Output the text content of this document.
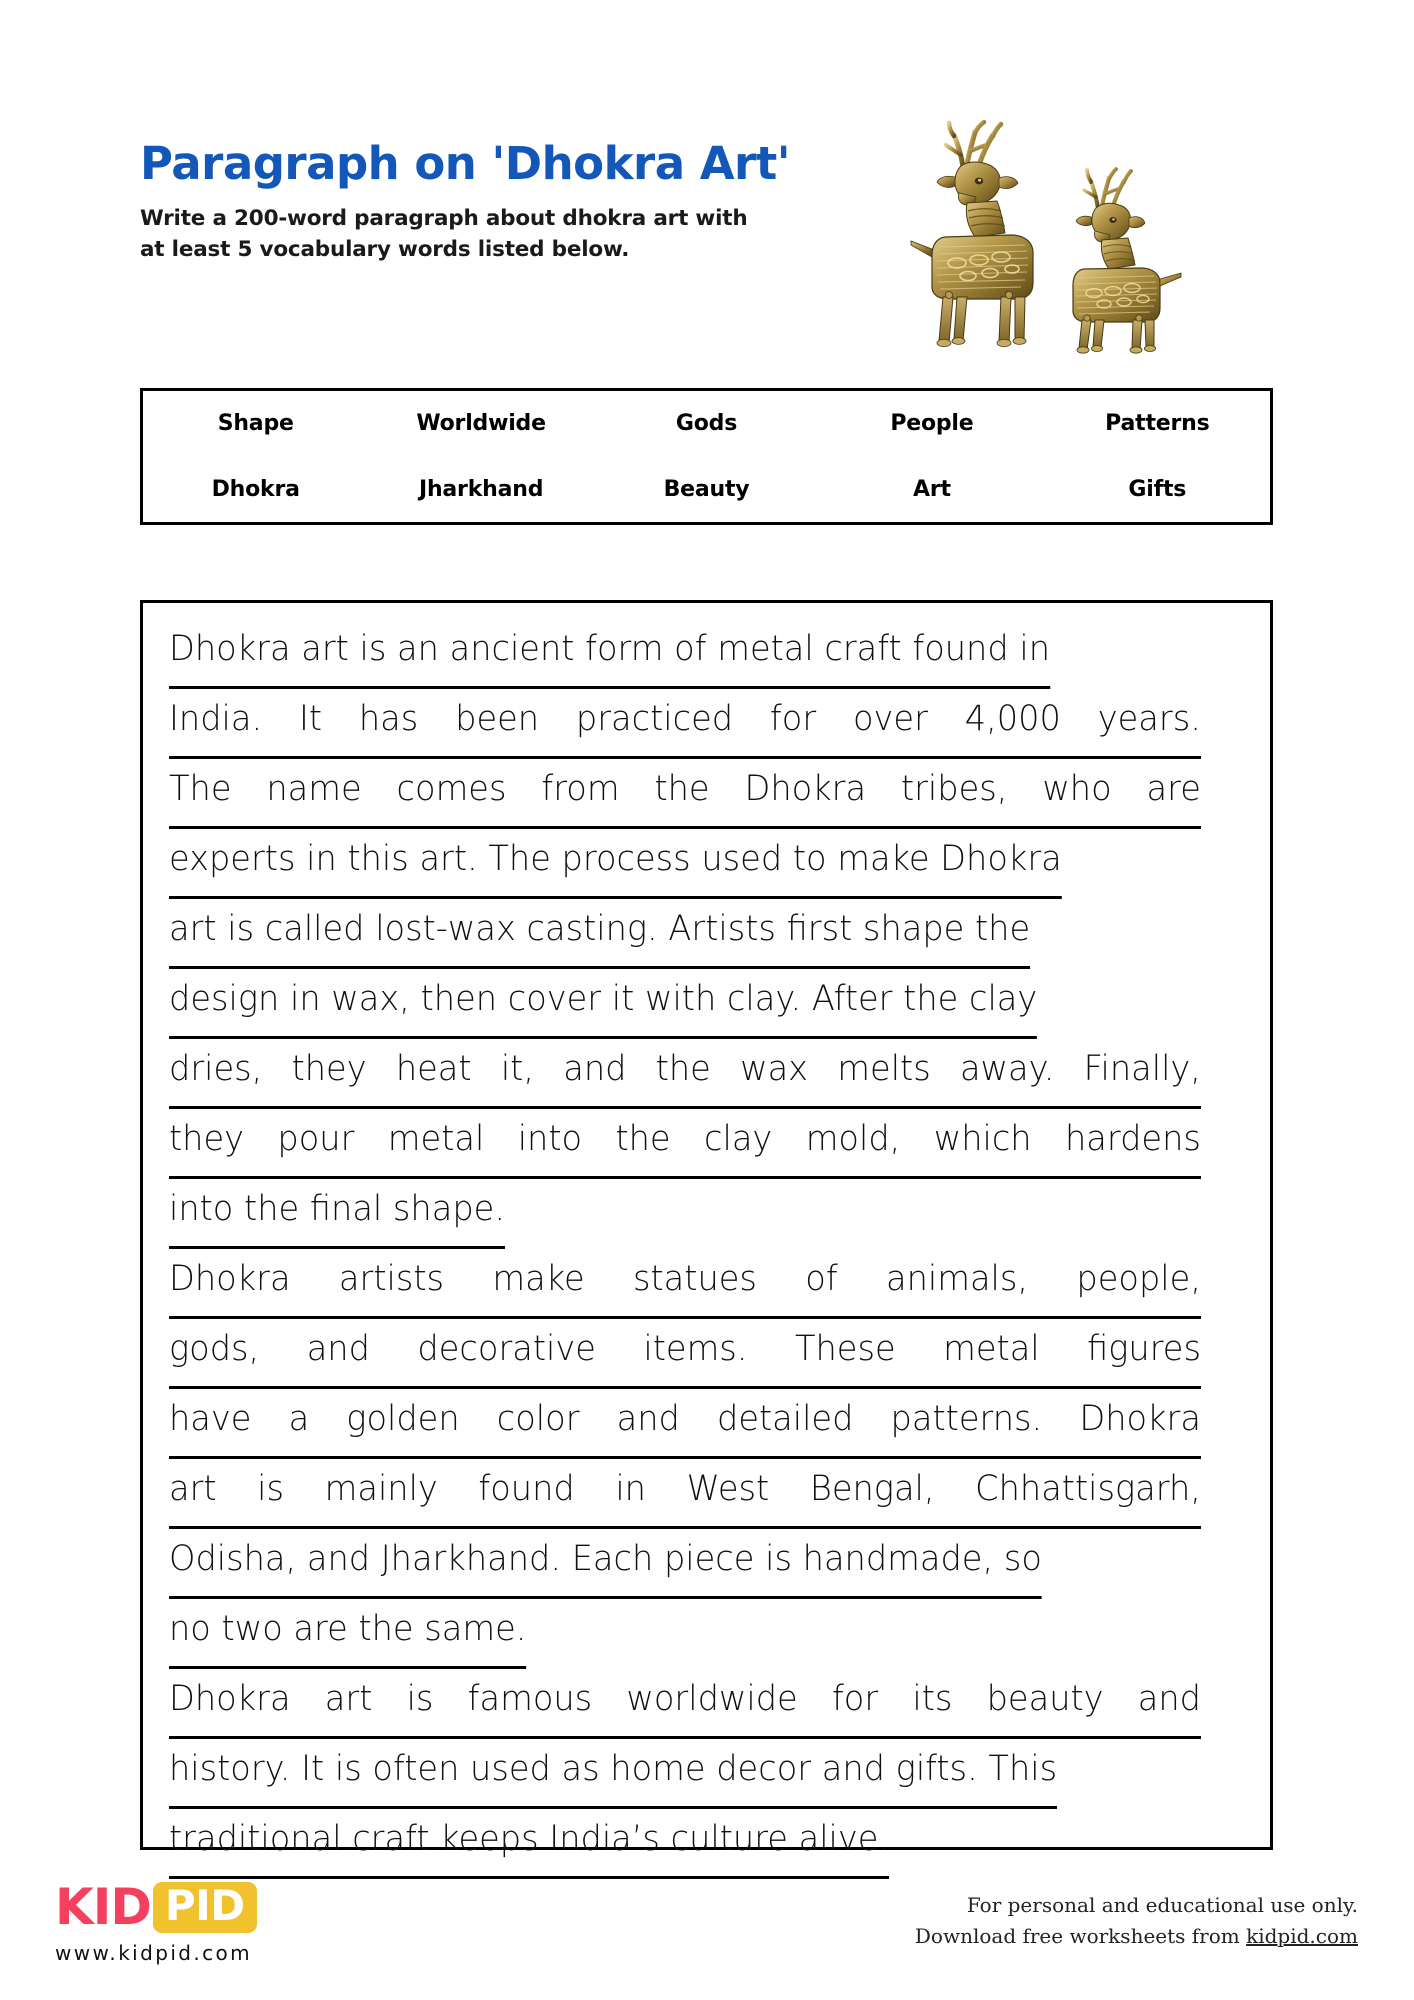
Paragraph on 'Dhokra Art'
Write a 200-word paragraph about dhokra art with
at least 5 vocabulary words listed below.
Shape	Worldwide	Gods	People	Patterns
Dhokra	Jharkhand	Beauty	Art	Gifts
Dhokra art is an ancient form of metal craft found in
India. It has been practiced for over 4,000 years.
The name comes from the Dhokra tribes, who are
experts in this art. The process used to make Dhokra
art is called lost-wax casting. Artists first shape the
design in wax, then cover it with clay. After the clay
dries, they heat it, and the wax melts away. Finally,
they pour metal into the clay mold, which hardens
into the final shape.
Dhokra artists make statues of animals, people,
gods, and decorative items. These metal figures
have a golden color and detailed patterns. Dhokra
art is mainly found in West Bengal, Chhattisgarh,
Odisha, and Jharkhand. Each piece is handmade, so
no two are the same.
Dhokra art is famous worldwide for its beauty and
history. It is often used as home decor and gifts. This
traditional craft keeps India’s culture alive.
KID PID
www.kidpid.com
For personal and educational use only.
Download free worksheets from kidpid.com
